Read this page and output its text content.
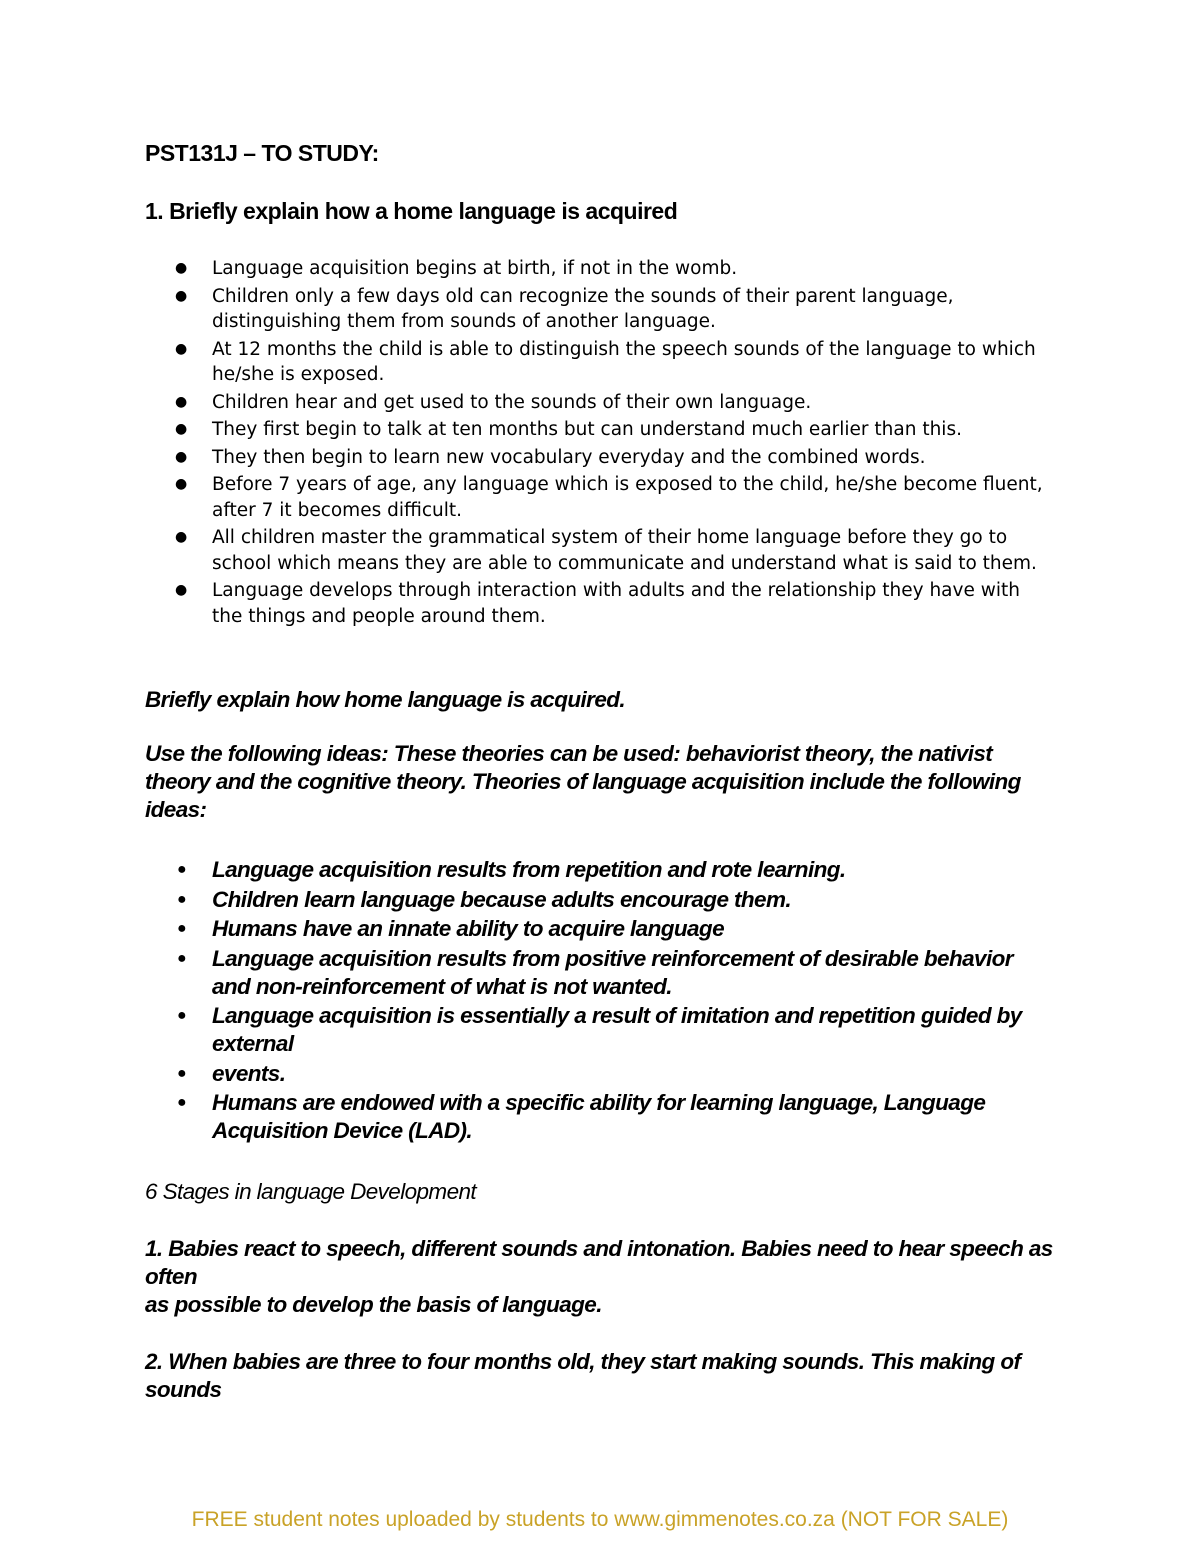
PST131J – TO STUDY:
1. Briefly explain how a home language is acquired
● Language acquisition begins at birth, if not in the womb.
● Children only a few days old can recognize the sounds of their parent language, distinguishing them from sounds of another language.
● At 12 months the child is able to distinguish the speech sounds of the language to which he/she is exposed.
● Children hear and get used to the sounds of their own language.
● They first begin to talk at ten months but can understand much earlier than this.
● They then begin to learn new vocabulary everyday and the combined words.
● Before 7 years of age, any language which is exposed to the child, he/she become fluent, after 7 it becomes difficult.
● All children master the grammatical system of their home language before they go to school which means they are able to communicate and understand what is said to them.
● Language develops through interaction with adults and the relationship they have with the things and people around them.

Briefly explain how home language is acquired.

Use the following ideas: These theories can be used: behaviorist theory, the nativist theory and the cognitive theory. Theories of language acquisition include the following ideas:

● Language acquisition results from repetition and rote learning.
● Children learn language because adults encourage them.
● Humans have an innate ability to acquire language
● Language acquisition results from positive reinforcement of desirable behavior and non-reinforcement of what is not wanted.
● Language acquisition is essentially a result of imitation and repetition guided by external
● events.
● Humans are endowed with a specific ability for learning language, Language Acquisition Device (LAD).

6 Stages in language Development

1. Babies react to speech, different sounds and intonation. Babies need to hear speech as often
as possible to develop the basis of language.

2. When babies are three to four months old, they start making sounds. This making of sounds

FREE student notes uploaded by students to www.gimmenotes.co.za (NOT FOR SALE)
